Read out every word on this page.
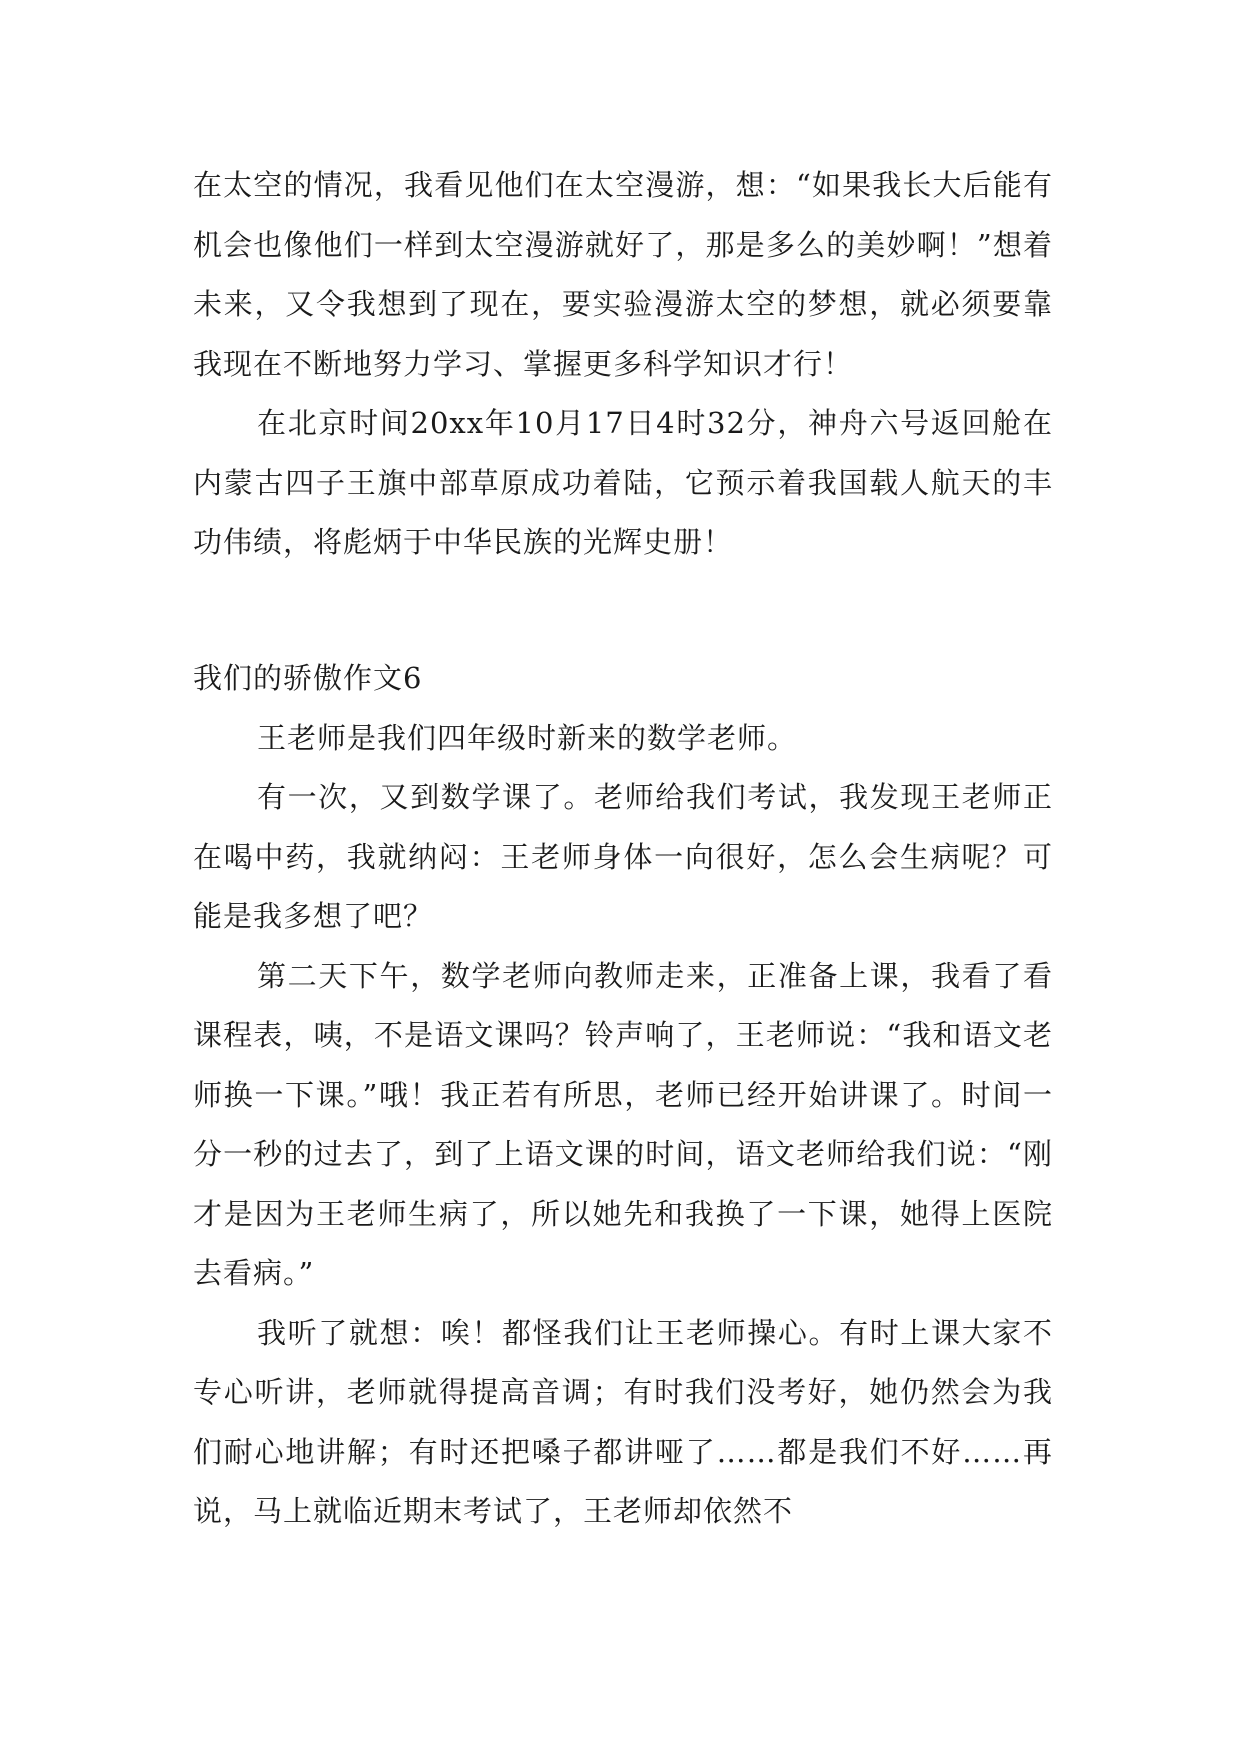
在太空的情况，我看见他们在太空漫游，想：“如果我长大后能有机会也像他们一样到太空漫游就好了，那是多么的美妙啊！”想着未来，又令我想到了现在，要实验漫游太空的梦想，就必须要靠我现在不断地努力学习、掌握更多科学知识才行！

在北京时间20xx年10月17日4时32分，神舟六号返回舱在内蒙古四子王旗中部草原成功着陆，它预示着我国载人航天的丰功伟绩，将彪炳于中华民族的光辉史册！

我们的骄傲作文6

王老师是我们四年级时新来的数学老师。

有一次，又到数学课了。老师给我们考试，我发现王老师正在喝中药，我就纳闷：王老师身体一向很好，怎么会生病呢？可能是我多想了吧？

第二天下午，数学老师向教师走来，正准备上课，我看了看课程表，咦，不是语文课吗？铃声响了，王老师说：“我和语文老师换一下课。”哦！我正若有所思，老师已经开始讲课了。时间一分一秒的过去了，到了上语文课的时间，语文老师给我们说：“刚才是因为王老师生病了，所以她先和我换了一下课，她得上医院去看病。”

我听了就想：唉！都怪我们让王老师操心。有时上课大家不专心听讲，老师就得提高音调；有时我们没考好，她仍然会为我们耐心地讲解；有时还把嗓子都讲哑了……都是我们不好……再说，马上就临近期末考试了，王老师却依然不
